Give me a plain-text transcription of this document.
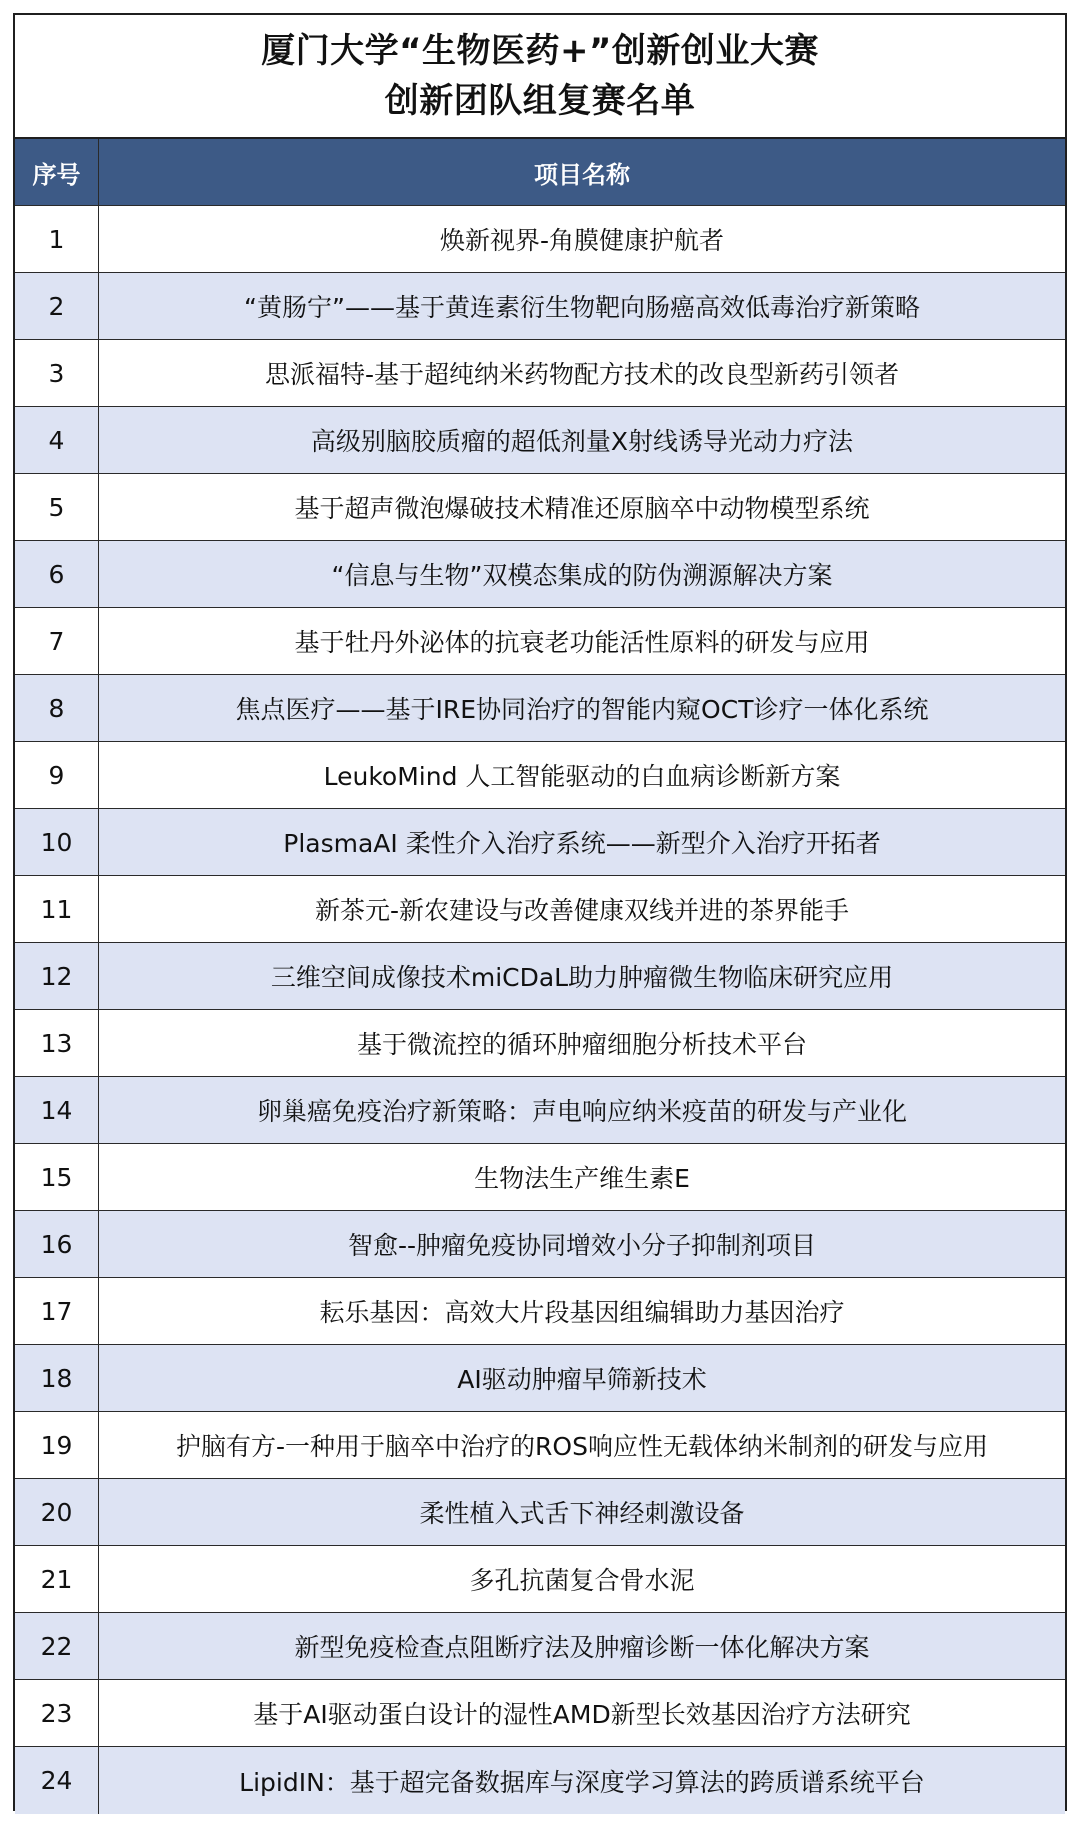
厦门大学“生物医药+”创新创业大赛
创新团队组复赛名单
序号	项目名称
1	焕新视界-角膜健康护航者
2	“黄肠宁”——基于黄连素衍生物靶向肠癌高效低毒治疗新策略
3	思派福特-基于超纯纳米药物配方技术的改良型新药引领者
4	高级别脑胶质瘤的超低剂量X射线诱导光动力疗法
5	基于超声微泡爆破技术精准还原脑卒中动物模型系统
6	“信息与生物”双模态集成的防伪溯源解决方案
7	基于牡丹外泌体的抗衰老功能活性原料的研发与应用
8	焦点医疗——基于IRE协同治疗的智能内窥OCT诊疗一体化系统
9	LeukoMind 人工智能驱动的白血病诊断新方案
10	PlasmaAI 柔性介入治疗系统——新型介入治疗开拓者
11	新茶元-新农建设与改善健康双线并进的茶界能手
12	三维空间成像技术miCDaL助力肿瘤微生物临床研究应用
13	基于微流控的循环肿瘤细胞分析技术平台
14	卵巢癌免疫治疗新策略：声电响应纳米疫苗的研发与产业化
15	生物法生产维生素E
16	智愈--肿瘤免疫协同增效小分子抑制剂项目
17	耘乐基因：高效大片段基因组编辑助力基因治疗
18	AI驱动肿瘤早筛新技术
19	护脑有方-一种用于脑卒中治疗的ROS响应性无载体纳米制剂的研发与应用
20	柔性植入式舌下神经刺激设备
21	多孔抗菌复合骨水泥
22	新型免疫检查点阻断疗法及肿瘤诊断一体化解决方案
23	基于AI驱动蛋白设计的湿性AMD新型长效基因治疗方法研究
24	LipidIN：基于超完备数据库与深度学习算法的跨质谱系统平台
